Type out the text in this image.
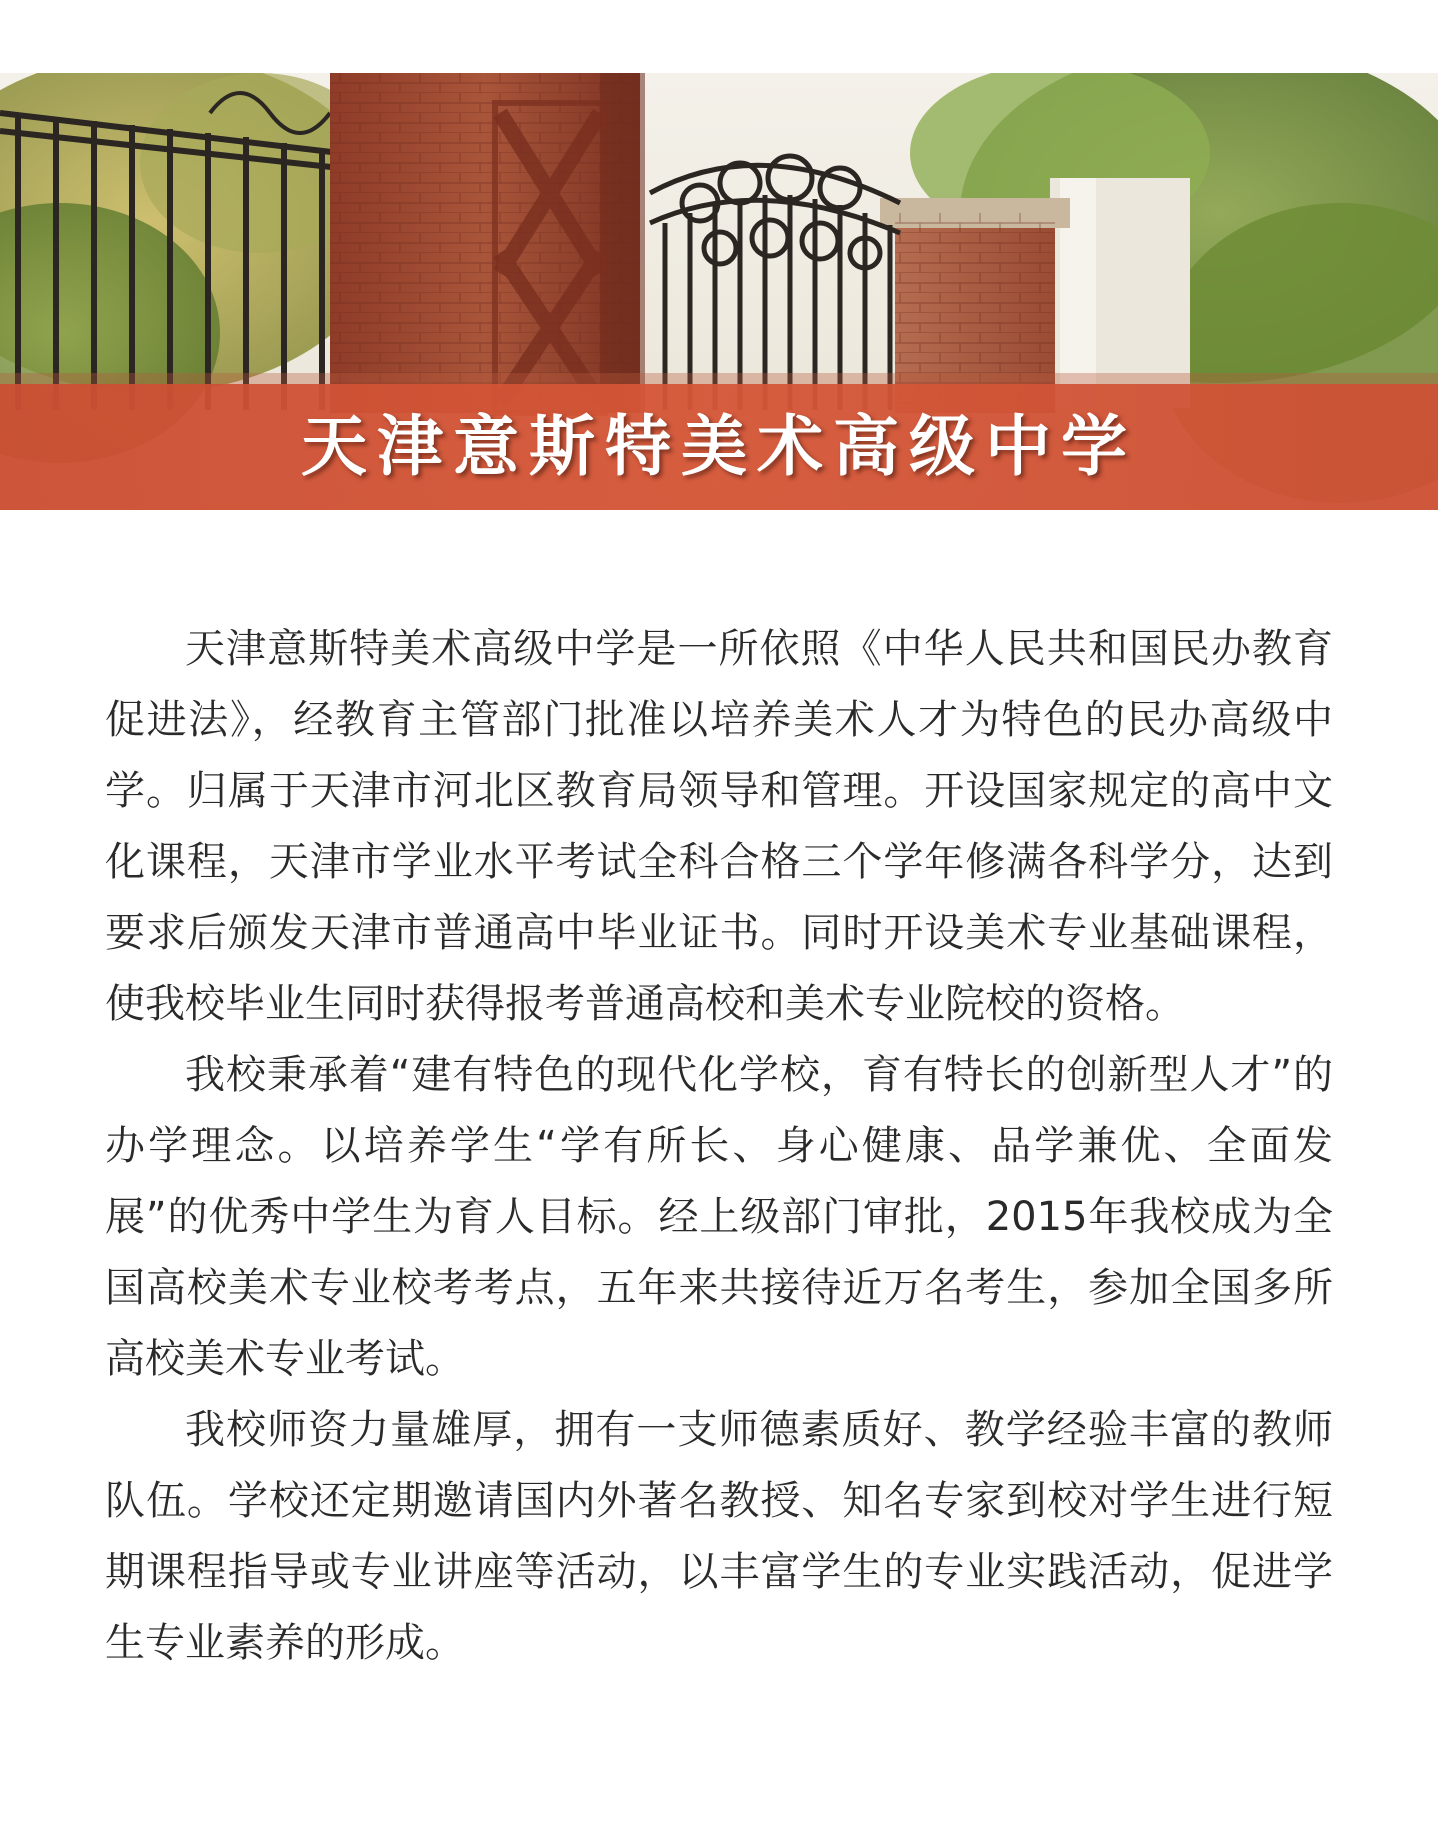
天津意斯特美术高级中学

天津意斯特美术高级中学是一所依照《中华人民共和国民办教育促进法》，经教育主管部门批准以培养美术人才为特色的民办高级中学。归属于天津市河北区教育局领导和管理。开设国家规定的高中文化课程，天津市学业水平考试全科合格三个学年修满各科学分，达到要求后颁发天津市普通高中毕业证书。同时开设美术专业基础课程，使我校毕业生同时获得报考普通高校和美术专业院校的资格。

我校秉承着“建有特色的现代化学校，育有特长的创新型人才”的办学理念。以培养学生“学有所长、身心健康、品学兼优、全面发展”的优秀中学生为育人目标。经上级部门审批，2015年我校成为全国高校美术专业校考考点，五年来共接待近万名考生，参加全国多所高校美术专业考试。

我校师资力量雄厚，拥有一支师德素质好、教学经验丰富的教师队伍。学校还定期邀请国内外著名教授、知名专家到校对学生进行短期课程指导或专业讲座等活动，以丰富学生的专业实践活动，促进学生专业素养的形成。
